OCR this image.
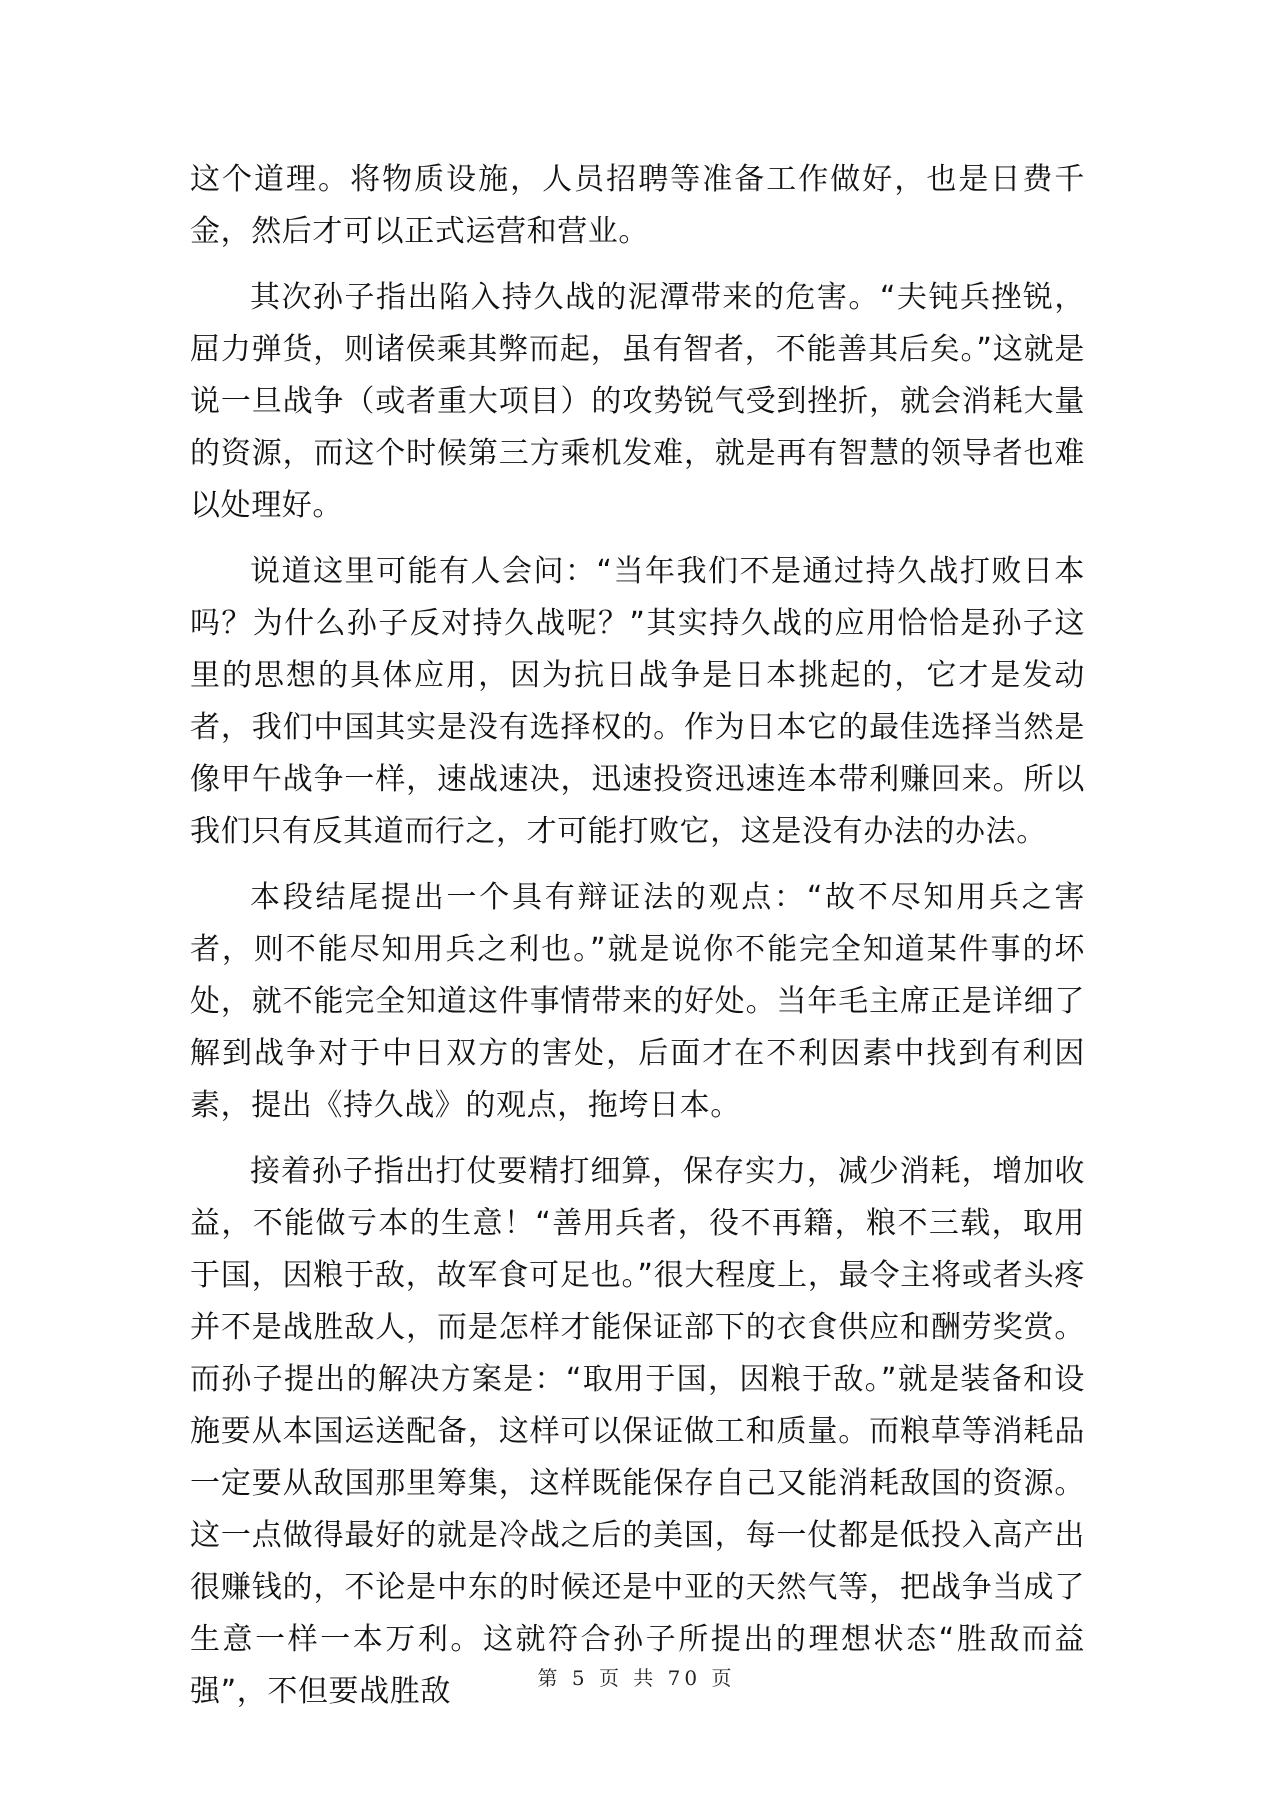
这个道理。将物质设施，人员招聘等准备工作做好，也是日费千金，然后才可以正式运营和营业。

其次孙子指出陷入持久战的泥潭带来的危害。“夫钝兵挫锐，屈力弹货，则诸侯乘其弊而起，虽有智者，不能善其后矣。”这就是说一旦战争（或者重大项目）的攻势锐气受到挫折，就会消耗大量的资源，而这个时候第三方乘机发难，就是再有智慧的领导者也难以处理好。

说道这里可能有人会问：“当年我们不是通过持久战打败日本吗？为什么孙子反对持久战呢？”其实持久战的应用恰恰是孙子这里的思想的具体应用，因为抗日战争是日本挑起的，它才是发动者，我们中国其实是没有选择权的。作为日本它的最佳选择当然是像甲午战争一样，速战速决，迅速投资迅速连本带利赚回来。所以我们只有反其道而行之，才可能打败它，这是没有办法的办法。

本段结尾提出一个具有辩证法的观点：“故不尽知用兵之害者，则不能尽知用兵之利也。”就是说你不能完全知道某件事的坏处，就不能完全知道这件事情带来的好处。当年毛主席正是详细了解到战争对于中日双方的害处，后面才在不利因素中找到有利因素，提出《持久战》的观点，拖垮日本。

接着孙子指出打仗要精打细算，保存实力，减少消耗，增加收益，不能做亏本的生意！“善用兵者，役不再籍，粮不三载，取用于国，因粮于敌，故军食可足也。”很大程度上，最令主将或者头疼并不是战胜敌人，而是怎样才能保证部下的衣食供应和酬劳奖赏。而孙子提出的解决方案是：“取用于国，因粮于敌。”就是装备和设施要从本国运送配备，这样可以保证做工和质量。而粮草等消耗品一定要从敌国那里筹集，这样既能保存自己又能消耗敌国的资源。这一点做得最好的就是冷战之后的美国，每一仗都是低投入高产出很赚钱的，不论是中东的时候还是中亚的天然气等，把战争当成了生意一样一本万利。这就符合孙子所提出的理想状态“胜敌而益强”，不但要战胜敌	第 5 页 共 70 页
